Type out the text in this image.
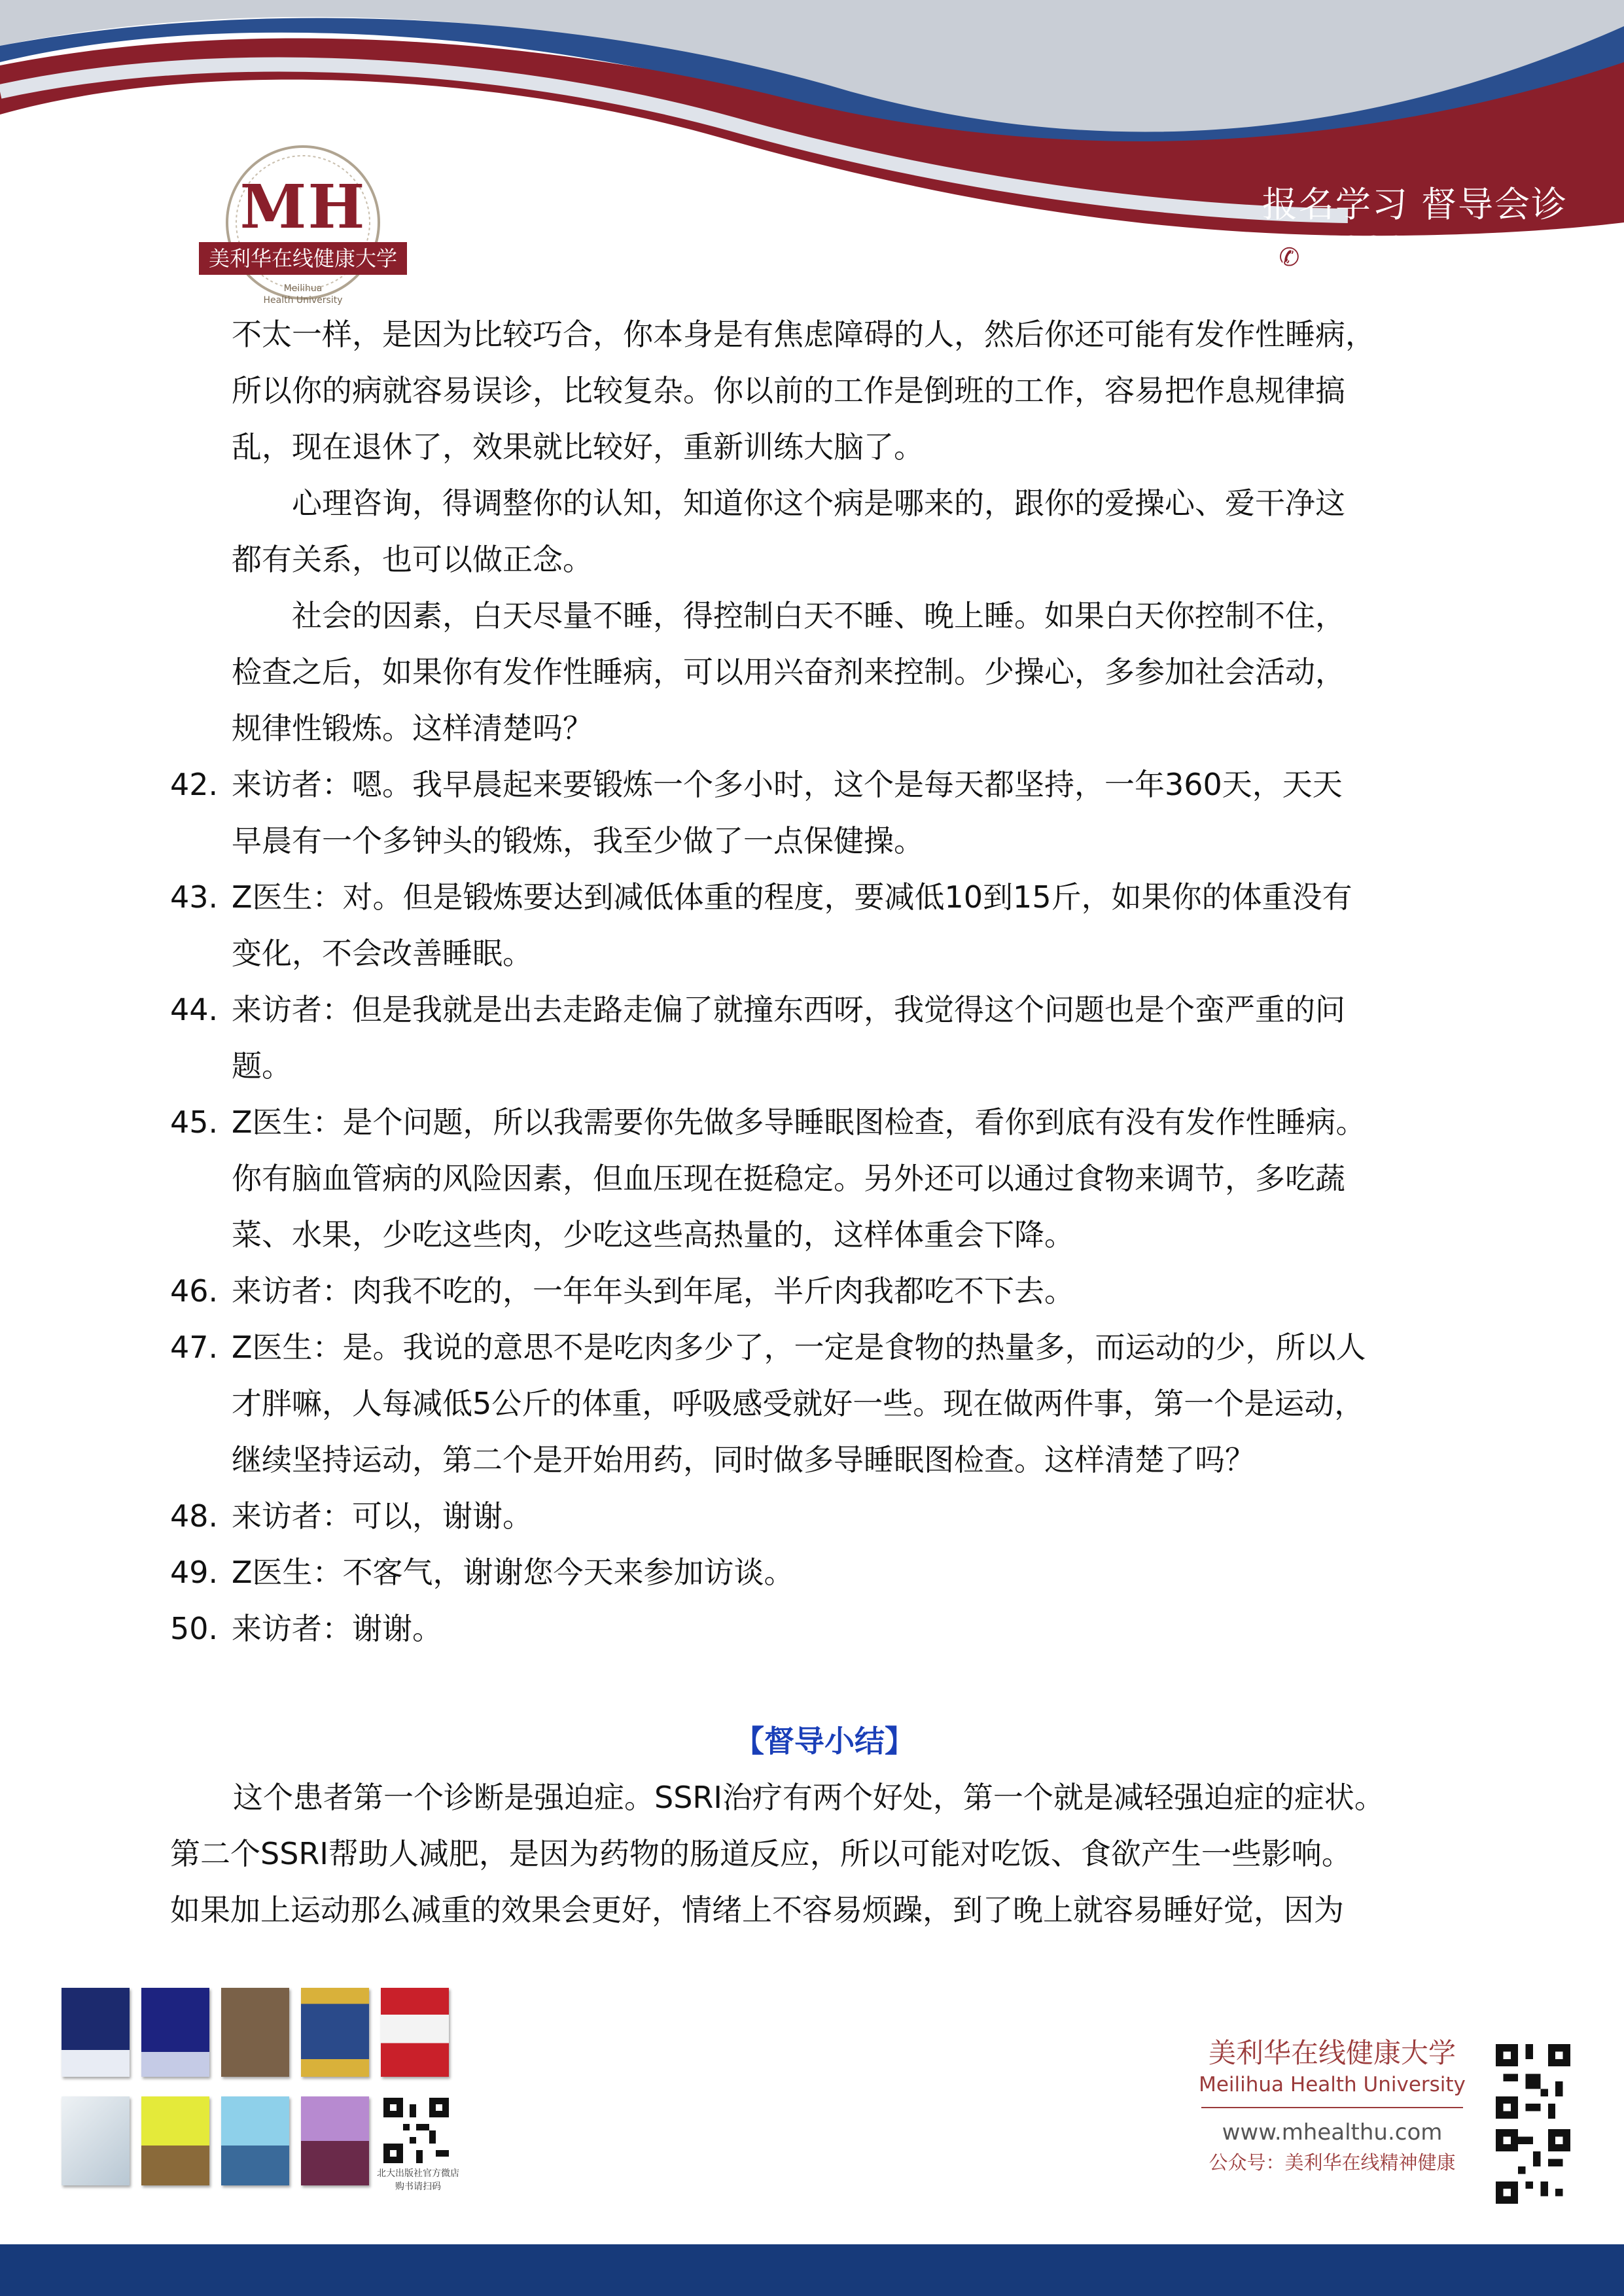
MH
美利华在线健康大学
Meilihua
Health University
报名学习 督导会诊
✆ 4000-218-718

不太一样，是因为比较巧合，你本身是有焦虑障碍的人，然后你还可能有发作性睡病，

所以你的病就容易误诊，比较复杂。你以前的工作是倒班的工作，容易把作息规律搞

乱，现在退休了，效果就比较好，重新训练大脑了。

心理咨询，得调整你的认知，知道你这个病是哪来的，跟你的爱操心、爱干净这

都有关系，也可以做正念。

社会的因素，白天尽量不睡，得控制白天不睡、晚上睡。如果白天你控制不住，

检查之后，如果你有发作性睡病，可以用兴奋剂来控制。少操心，多参加社会活动，

规律性锻炼。这样清楚吗？

42. 来访者：嗯。我早晨起来要锻炼一个多小时，这个是每天都坚持，一年360天，天天

早晨有一个多钟头的锻炼，我至少做了一点保健操。

43. Z医生：对。但是锻炼要达到减低体重的程度，要减低10到15斤，如果你的体重没有

变化，不会改善睡眠。

44. 来访者：但是我就是出去走路走偏了就撞东西呀，我觉得这个问题也是个蛮严重的问

题。

45. Z医生：是个问题，所以我需要你先做多导睡眠图检查，看你到底有没有发作性睡病。

你有脑血管病的风险因素，但血压现在挺稳定。另外还可以通过食物来调节，多吃蔬

菜、水果，少吃这些肉，少吃这些高热量的，这样体重会下降。

46. 来访者：肉我不吃的，一年年头到年尾，半斤肉我都吃不下去。

47. Z医生：是。我说的意思不是吃肉多少了，一定是食物的热量多，而运动的少，所以人

才胖嘛，人每减低5公斤的体重，呼吸感受就好一些。现在做两件事，第一个是运动，

继续坚持运动，第二个是开始用药，同时做多导睡眠图检查。这样清楚了吗？

48. 来访者：可以，谢谢。

49. Z医生：不客气，谢谢您今天来参加访谈。

50. 来访者：谢谢。

【督导小结】

这个患者第一个诊断是强迫症。SSRI治疗有两个好处，第一个就是减轻强迫症的症状。

第二个SSRI帮助人减肥，是因为药物的肠道反应，所以可能对吃饭、食欲产生一些影响。

如果加上运动那么减重的效果会更好，情绪上不容易烦躁，到了晚上就容易睡好觉，因为

北大出版社官方微店
购书请扫码
美利华在线健康大学
Meilihua Health University
www.mhealthu.com
公众号：美利华在线精神健康
